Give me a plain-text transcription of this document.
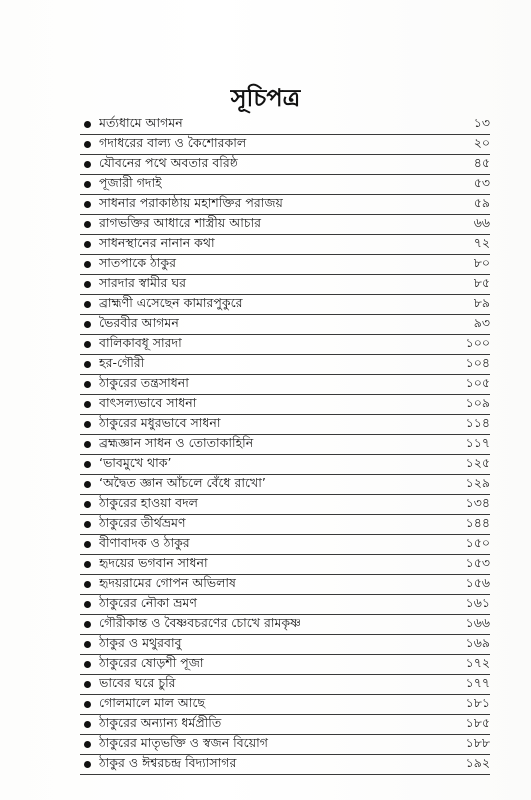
সূচিপত্র
মর্ত্যধামে আগমন	১৩
গদাধরের বাল্য ও কৈশোরকাল	২০
যৌবনের পথে অবতার বরিষ্ঠ	৪৫
পূজারী গদাই	৫৩
সাধনার পরাকাষ্ঠায় মহাশক্তির পরাজয়	৫৯
রাগভক্তির আধারে শাস্ত্রীয় আচার	৬৬
সাধনস্থানের নানান কথা	৭২
সাতপাকে ঠাকুর	৮০
সারদার স্বামীর ঘর	৮৫
ব্রাহ্মণী এসেছেন কামারপুকুরে	৮৯
ভৈরবীর আগমন	৯৩
বালিকাবধূ সারদা	১০০
হর-গৌরী	১০৪
ঠাকুরের তন্ত্রসাধনা	১০৫
বাৎসল্যভাবে সাধনা	১০৯
ঠাকুরের মধুরভাবে সাধনা	১১৪
ব্রহ্মজ্ঞান সাধন ও তোতাকাহিনি	১১৭
‘ভাবমুখে থাক’	১২৫
‘অদ্বৈত জ্ঞান আঁচলে বেঁধে রাখো’	১২৯
ঠাকুরের হাওয়া বদল	১৩৪
ঠাকুরের তীর্থভ্রমণ	১৪৪
বীণাবাদক ও ঠাকুর	১৫০
হৃদয়ের ভগবান সাধনা	১৫৩
হৃদয়রামের গোপন অভিলাষ	১৫৬
ঠাকুরের নৌকা ভ্রমণ	১৬১
গৌরীকান্ত ও বৈষ্ণবচরণের চোখে রামকৃষ্ণ	১৬৬
ঠাকুর ও মথুরবাবু	১৬৯
ঠাকুরের ষোড়শী পূজা	১৭২
ভাবের ঘরে চুরি	১৭৭
গোলমালে মাল আছে	১৮১
ঠাকুরের অন্যান্য ধর্মপ্রীতি	১৮৫
ঠাকুরের মাতৃভক্তি ও স্বজন বিয়োগ	১৮৮
ঠাকুর ও ঈশ্বরচন্দ্র বিদ্যাসাগর	১৯২
